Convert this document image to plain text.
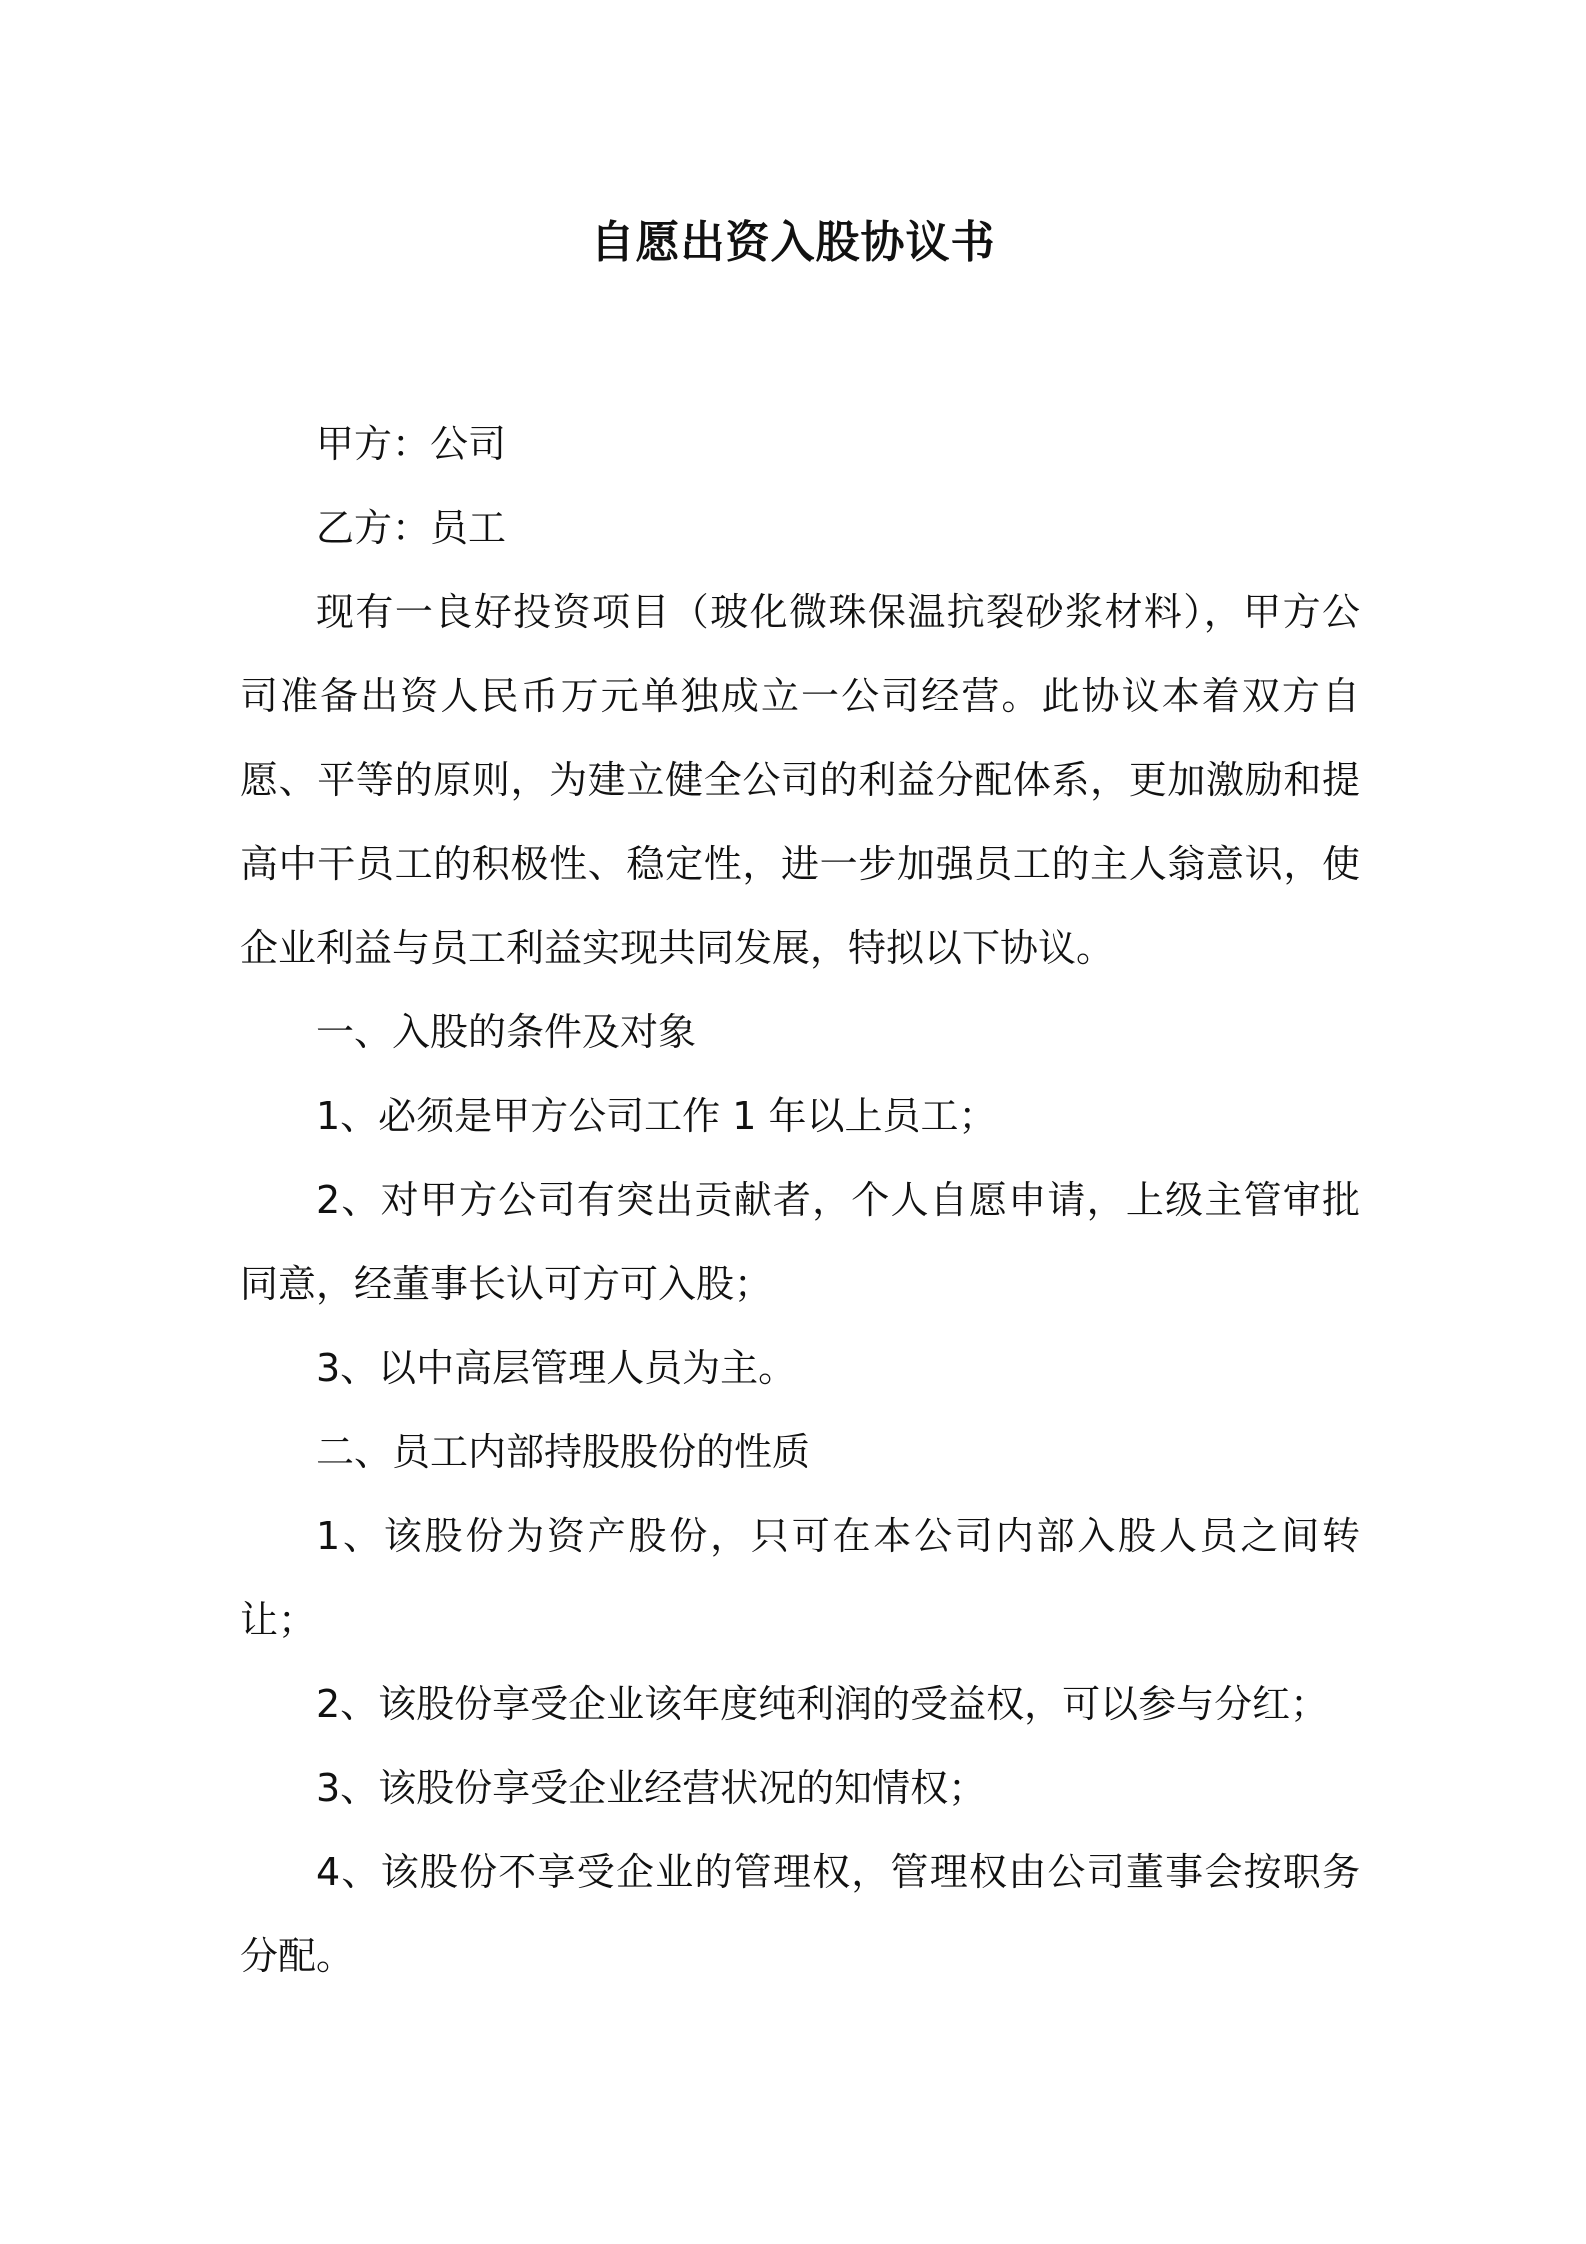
自愿出资入股协议书

甲方：公司

乙方：员工

现有一良好投资项目（玻化微珠保温抗裂砂浆材料），甲方公司准备出资人民币万元单独成立一公司经营。此协议本着双方自愿、平等的原则，为建立健全公司的利益分配体系，更加激励和提高中干员工的积极性、稳定性，进一步加强员工的主人翁意识，使企业利益与员工利益实现共同发展，特拟以下协议。

一、入股的条件及对象

1、必须是甲方公司工作 1 年以上员工；

2、对甲方公司有突出贡献者，个人自愿申请，上级主管审批同意，经董事长认可方可入股；

3、以中高层管理人员为主。

二、员工内部持股股份的性质

1、该股份为资产股份，只可在本公司内部入股人员之间转让；

2、该股份享受企业该年度纯利润的受益权，可以参与分红；

3、该股份享受企业经营状况的知情权；

4、该股份不享受企业的管理权，管理权由公司董事会按职务分配。
